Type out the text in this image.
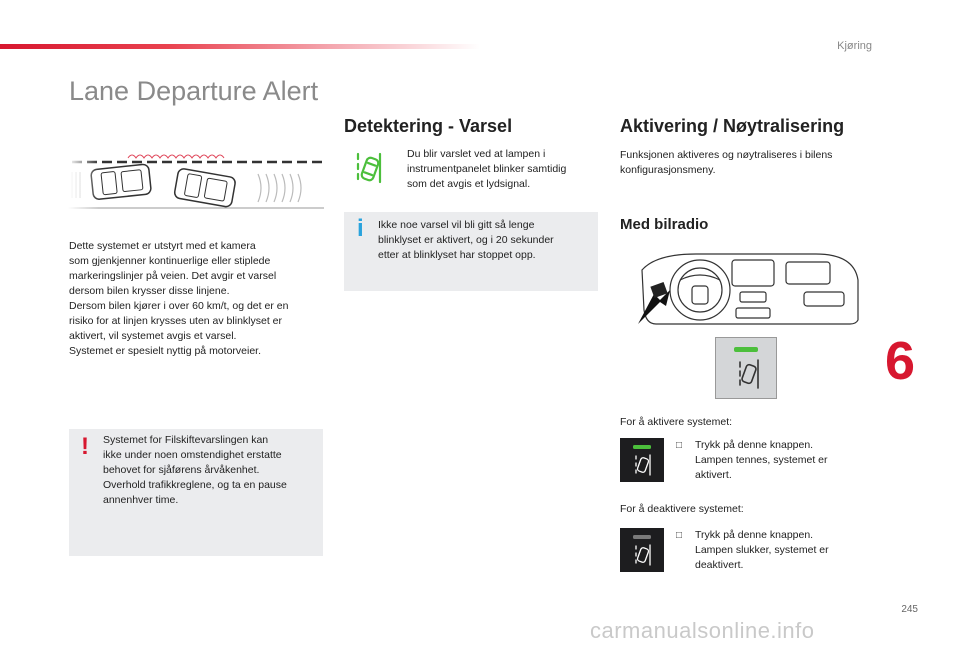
Kjøring
Lane Departure Alert
Dette systemet er utstyrt med et kamera
som gjenkjenner kontinuerlige eller stiplede
markeringslinjer på veien. Det avgir et varsel
dersom bilen krysser disse linjene.
Dersom bilen kjører i over 60 km/t, og det er en
risiko for at linjen krysses uten av blinklyset er
aktivert, vil systemet avgis et varsel.
Systemet er spesielt nyttig på motorveier.
! Systemet for Filskiftevarslingen kan
ikke under noen omstendighet erstatte
behovet for sjåførens årvåkenhet.
Overhold trafikkreglene, og ta en pause
annenhver time.
Detektering - Varsel
Du blir varslet ved at lampen i
instrumentpanelet blinker samtidig
som det avgis et lydsignal.
i Ikke noe varsel vil bli gitt så lenge
blinklyset er aktivert, og i 20 sekunder
etter at blinklyset har stoppet opp.
Aktivering / Nøytralisering
Funksjonen aktiveres og nøytraliseres i bilens
konfigurasjonsmeny.
Med bilradio
For å aktivere systemet:
□ Trykk på denne knappen.
Lampen tennes, systemet er
aktivert.
For å deaktivere systemet:
□ Trykk på denne knappen.
Lampen slukker, systemet er
deaktivert.
6
245
carmanualsonline.info
